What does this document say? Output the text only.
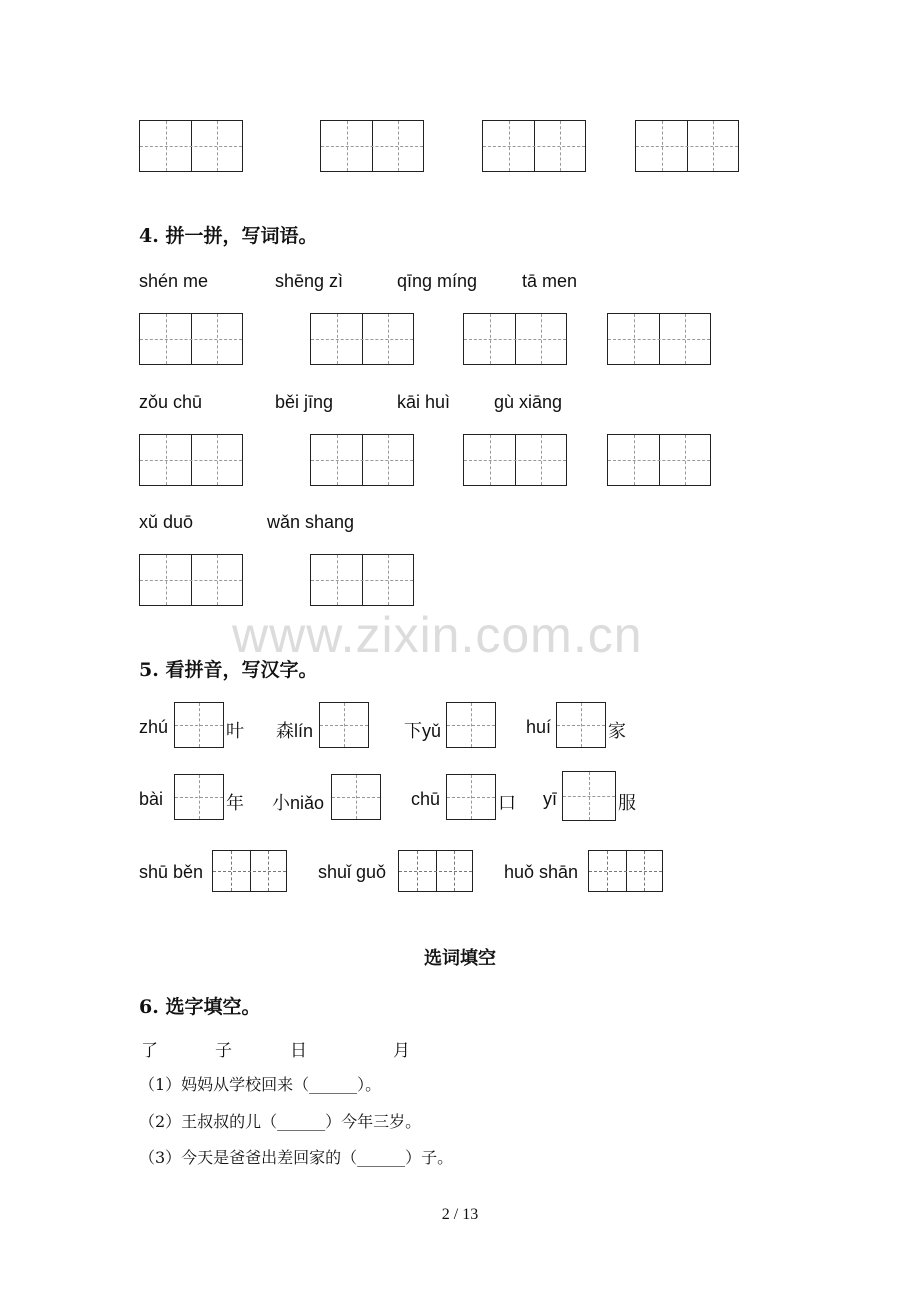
4. 拼一拼，写词语。
shén me	shēng zì	qīng míng tā men
zǒu chū	běi jīng	kāi huì gù xiāng
xǔ duō	wǎn shang
www.zixin.com.cn
5. 看拼音，写汉字。
zhú	叶 森lín	下yǔ	huí	家
bài	年 小niǎo	chū	口 yī	服
shū běn	shuǐ guǒ	huǒ shān
选词填空
6. 选字填空。
了	子	日	月
（1）妈妈从学校回来（______）。
（2）王叔叔的儿（______）今年三岁。
（3）今天是爸爸出差回家的（______）子。
2 / 13
